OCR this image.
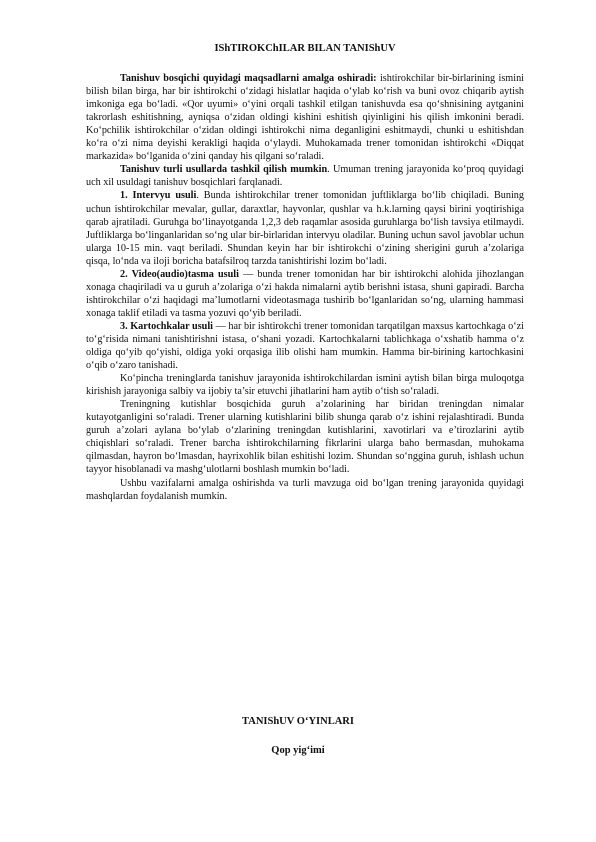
IShTIROKChILAR BILAN TANIShUV

Tanishuv bosqichi quyidagi maqsadlarni amalga oshiradi: ishtirokchilar bir-birlarining ismini bilish bilan birga, har bir ishtirokchi o‘zidagi hislatlar haqida o‘ylab ko‘rish va buni ovoz chiqarib aytish imkoniga ega bo‘ladi. «Qor uyumi» o‘yini orqali tashkil etilgan tanishuvda esa qo‘shnisining aytganini takrorlash eshitishning, ayniqsa o‘zidan oldingi kishini eshitish qiyinligini his qilish imkonini beradi. Ko‘pchilik ishtirokchilar o‘zidan oldingi ishtirokchi nima deganligini eshitmaydi, chunki u eshitishdan ko‘ra o‘zi nima deyishi kerakligi haqida o‘ylaydi. Muhokamada trener tomonidan ishtirokchi «Diqqat markazida» bo‘lganida o‘zini qanday his qilgani so‘raladi.

Tanishuv turli usullarda tashkil qilish mumkin. Umuman trening jarayonida ko‘proq quyidagi uch xil usuldagi tanishuv bosqichlari farqlanadi.

1. Intervyu usuli. Bunda ishtirokchilar trener tomonidan juftliklarga bo‘lib chiqiladi. Buning uchun ishtirokchilar mevalar, gullar, daraxtlar, hayvonlar, qushlar va h.k.larning qaysi birini yoqtirishiga qarab ajratiladi. Guruhga bo‘linayotganda 1,2,3 deb raqamlar asosida guruhlarga bo‘lish tavsiya etilmaydi. Juftliklarga bo‘linganlaridan so‘ng ular bir-birlaridan intervyu oladilar. Buning uchun savol javoblar uchun ularga 10-15 min. vaqt beriladi. Shundan keyin har bir ishtirokchi o‘zining sherigini guruh a’zolariga qisqa, lo‘nda va iloji boricha batafsilroq tarzda tanishtirishi lozim bo‘ladi.

2. Video(audio)tasma usuli — bunda trener tomonidan har bir ishtirokchi alohida jihozlangan xonaga chaqiriladi va u guruh a’zolariga o‘zi hakda nimalarni aytib berishni istasa, shuni gapiradi. Barcha ishtirokchilar o‘zi haqidagi ma’lumotlarni videotasmaga tushirib bo‘lganlaridan so‘ng, ularning hammasi xonaga taklif etiladi va tasma yozuvi qo‘yib beriladi.

3. Kartochkalar usuli — har bir ishtirokchi trener tomonidan tarqatilgan maxsus kartochkaga o‘zi to‘g‘risida nimani tanishtirishni istasa, o‘shani yozadi. Kartochkalarni tablichkaga o‘xshatib hamma o‘z oldiga qo‘yib qo‘yishi, oldiga yoki orqasiga ilib olishi ham mumkin. Hamma bir-birining kartochkasini o‘qib o‘zaro tanishadi.

Ko‘pincha treninglarda tanishuv jarayonida ishtirokchilardan ismini aytish bilan birga muloqotga kirishish jarayoniga salbiy va ijobiy ta’sir etuvchi jihatlarini ham aytib o‘tish so‘raladi.

Treningning kutishlar bosqichida guruh a’zolarining har biridan treningdan nimalar kutayotganligini so‘raladi. Trener ularning kutishlarini bilib shunga qarab o‘z ishini rejalashtiradi. Bunda guruh a’zolari aylana bo‘ylab o‘zlarining treningdan kutishlarini, xavotirlari va e’tirozlarini aytib chiqishlari so‘raladi. Trener barcha ishtirokchilarning fikrlarini ularga baho bermasdan, muhokama qilmasdan, hayron bo‘lmasdan, hayrixohlik bilan eshitishi lozim. Shundan so‘nggina guruh, ishlash uchun tayyor hisoblanadi va mashg‘ulotlarni boshlash mumkin bo‘ladi.

Ushbu vazifalarni amalga oshirishda va turli mavzuga oid bo‘lgan trening jarayonida quyidagi mashqlardan foydalanish mumkin.

TANIShUV O‘YINLARI
Qop yig‘imi
